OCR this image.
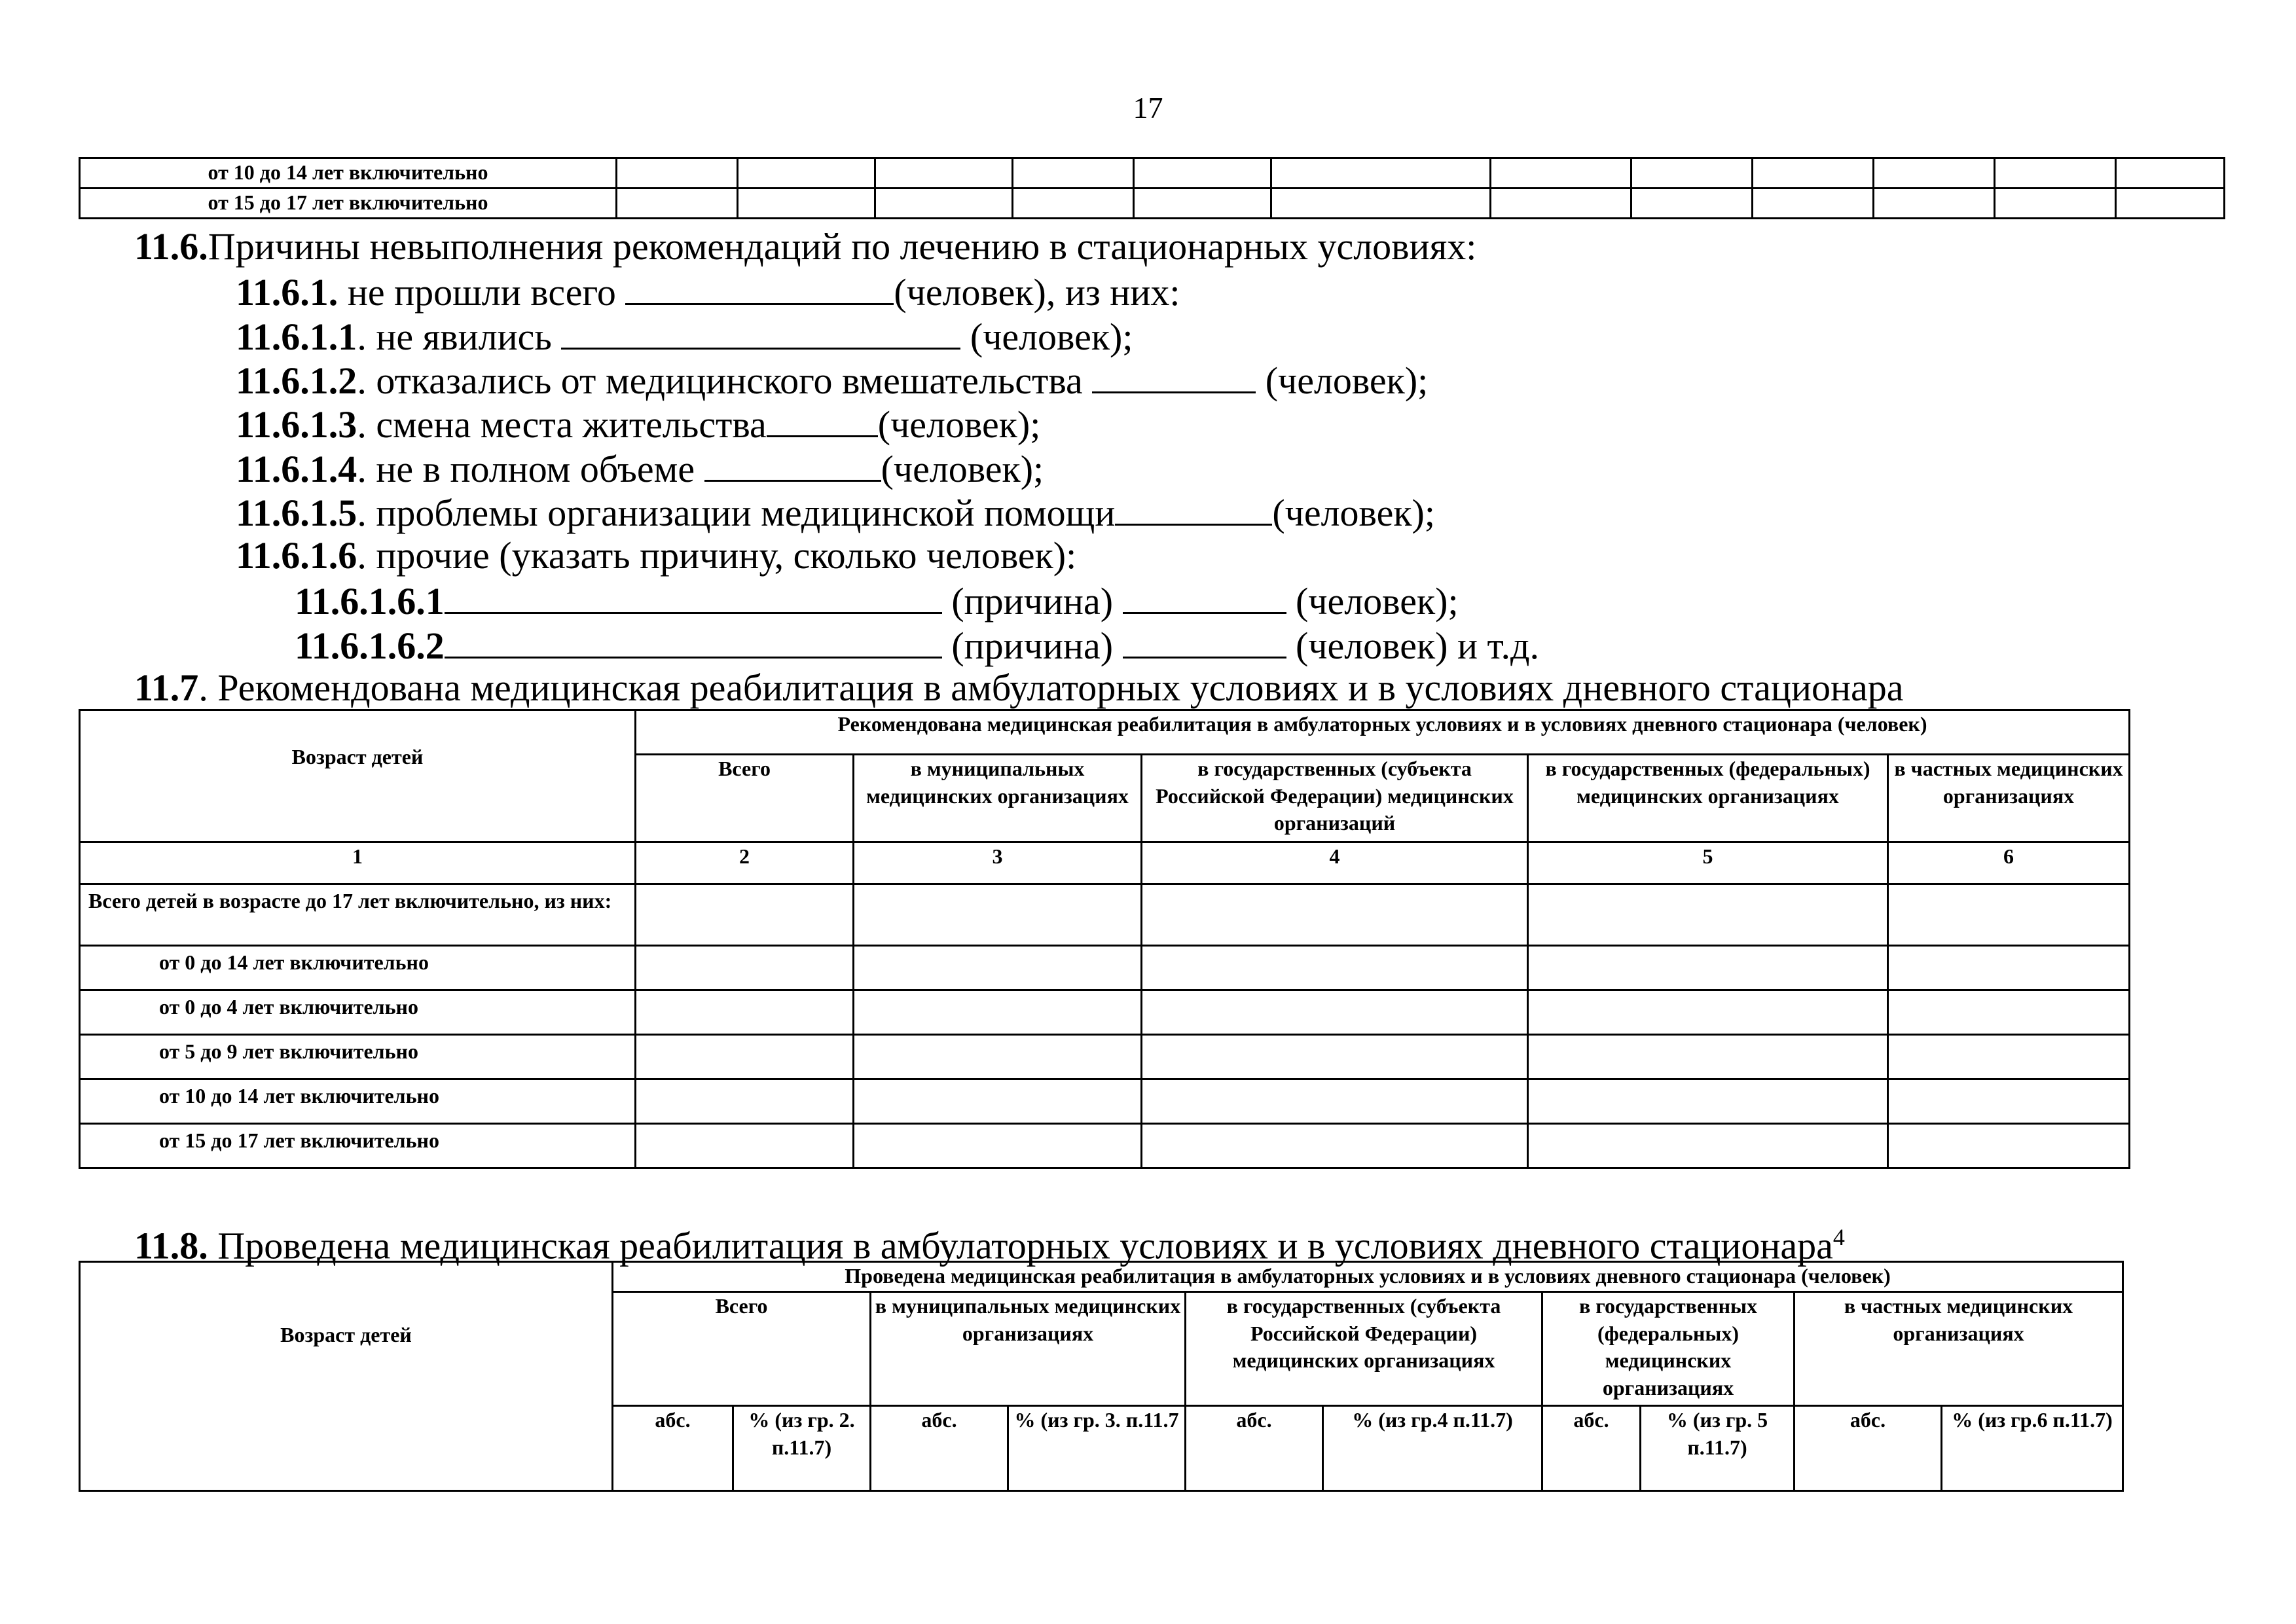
17
от 10 до 14 лет включительно												
от 15 до 17 лет включительно												
11.6.Причины невыполнения рекомендаций по лечению в стационарных условиях:
11.6.1. не прошли всего	(человек), из них:
11.6.1.1. не явились	(человек);
11.6.1.2. отказались от медицинского вмешательства	(человек);
11.6.1.3. смена места жительства	(человек);
11.6.1.4. не в полном объеме	(человек);
11.6.1.5. проблемы организации медицинской помощи	(человек);
11.6.1.6. прочие (указать причину, сколько человек):
11.6.1.6.1	(причина)	(человек);
11.6.1.6.2	(причина)	(человек) и т.д.
11.7. Рекомендована медицинская реабилитация в амбулаторных условиях и в условиях дневного стационара
Возраст детей	Рекомендована медицинская реабилитация в амбулаторных условиях и в условиях дневного стационара (человек)				
	Всего	в муниципальных медицинских организациях	в государственных (субъекта Российской Федерации) медицинских организаций	в государственных (федеральных) медицинских организациях	в частных медицинских организациях
1	2	3	4	5	6
Всего детей в возрасте до 17 лет включительно, из них:					
от 0 до 14 лет включительно					
от 0 до 4 лет включительно					
от 5 до 9 лет включительно					
от 10 до 14 лет включительно					
от 15 до 17 лет включительно					
11.8. Проведена медицинская реабилитация в амбулаторных условиях и в условиях дневного стационара$^4$
Возраст детей	Проведена медицинская реабилитация в амбулаторных условиях и в условиях дневного стационара (человек)									
	Всего		в муниципальных медицинских организациях		в государственных (субъекта Российской Федерации) медицинских организациях		в государственных (федеральных) медицинских организациях		в частных медицинских организациях	
	абс.	% (из гр. 2. п.11.7)	абс.	% (из гр. 3. п.11.7	абс.	% (из гр.4 п.11.7)	абс.	% (из гр. 5 п.11.7)	абс.	% (из гр.6 п.11.7)
